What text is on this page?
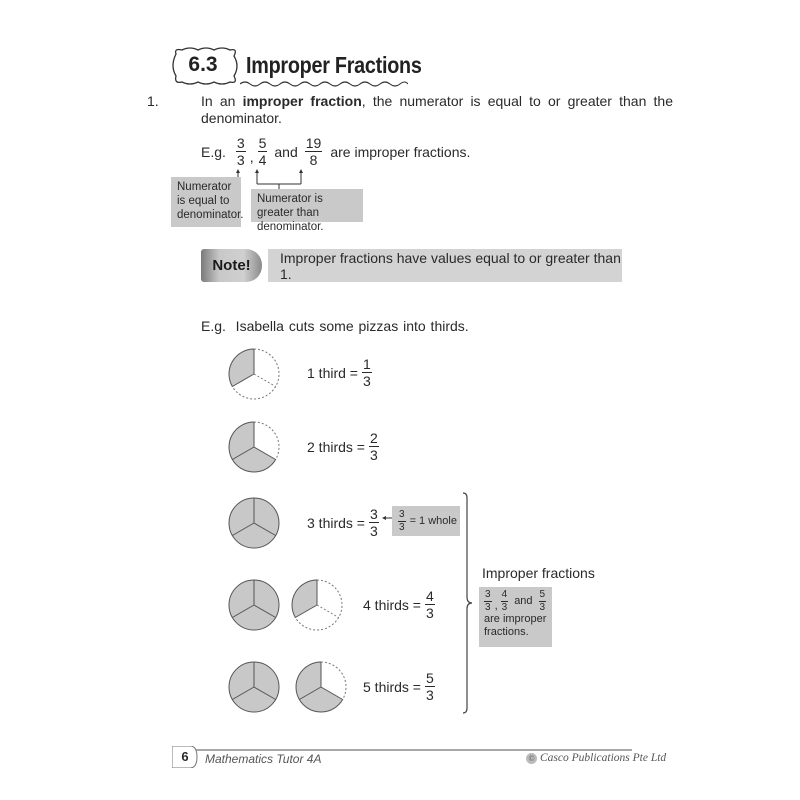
6.3	Improper Fractions
1.	In an improper fraction, the numerator is equal to or greater than the denominator.
E.g. $\frac{3}{3}$ , $\frac{5}{4}$ and $\frac{19}{8}$ are improper fractions.
Numerator is equal to denominator.
Numerator is greater than denominator.
Note!	Improper fractions have values equal to or greater than 1.
E.g.  Isabella cuts some pizzas into thirds.
1 third = $\frac{1}{3}$
2 thirds = $\frac{2}{3}$
3 thirds = $\frac{3}{3} \frac{3}{3} = 1$ whole
4 thirds = $\frac{4}{3}$
5 thirds = $\frac{5}{3}$
Improper fractions
$\frac{3}{3}$ , $\frac{4}{3}$ and $\frac{5}{3}$
are improper fractions.
6 Mathematics Tutor 4A	© Casco Publications Pte Ltd
